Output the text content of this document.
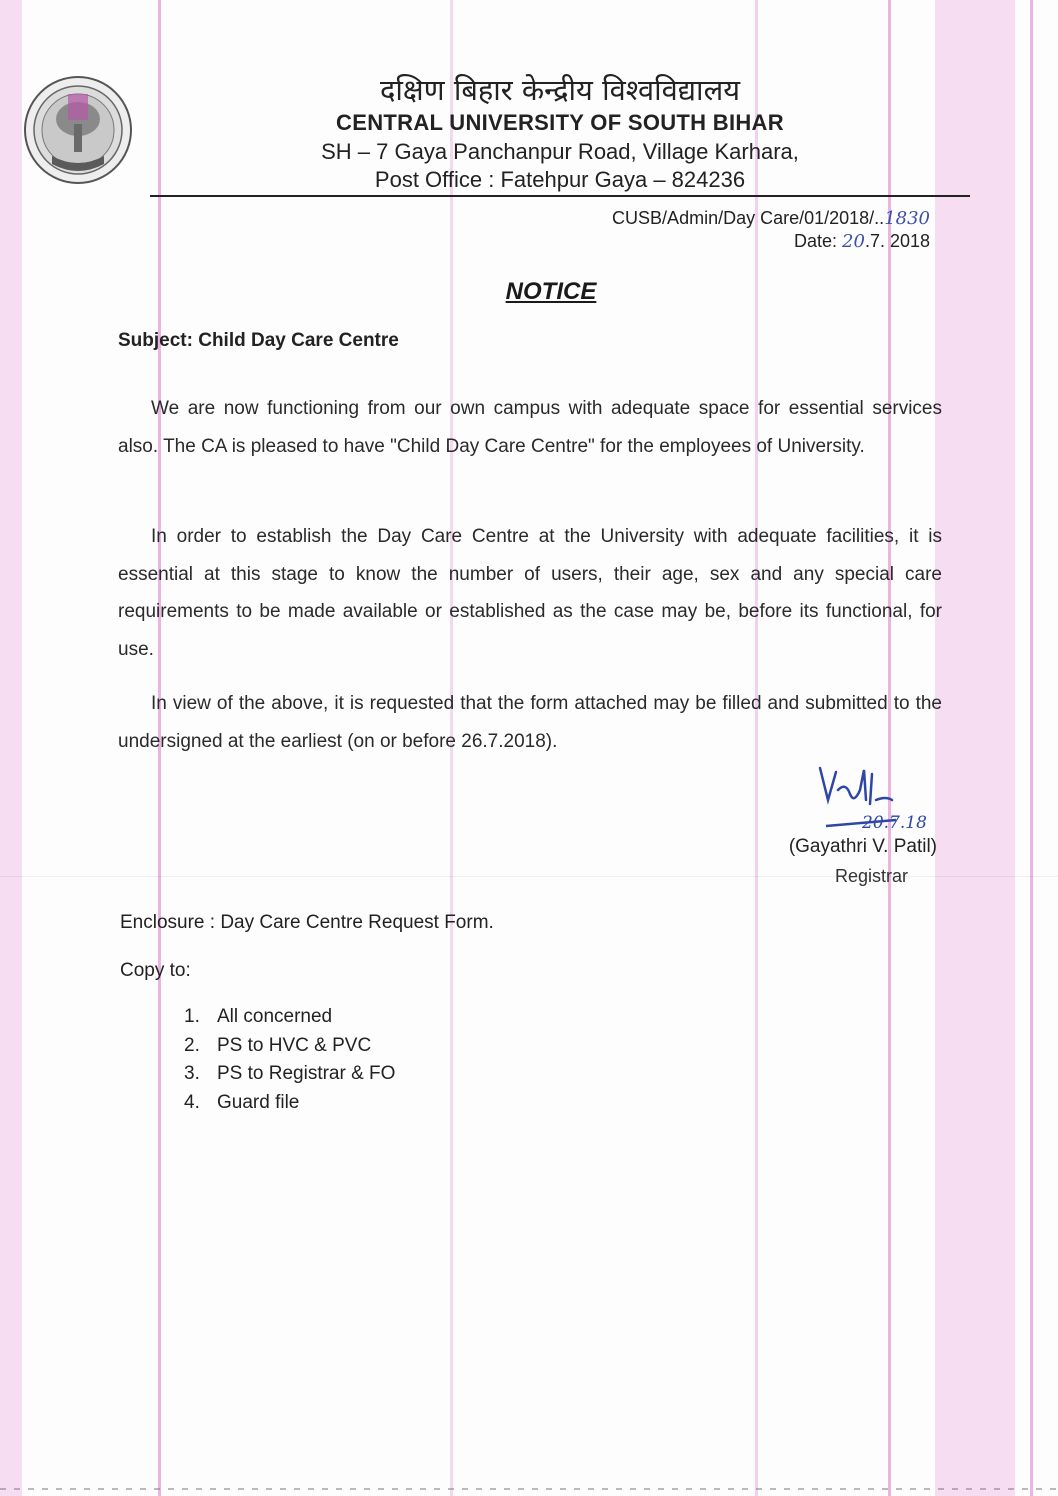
दक्षिण बिहार केन्द्रीय विश्वविद्यालय
CENTRAL UNIVERSITY OF SOUTH BIHAR
SH – 7 Gaya Panchanpur Road, Village Karhara,
Post Office : Fatehpur Gaya – 824236
CUSB/Admin/Day Care/01/2018/..1830
Date: 20.7. 2018
NOTICE
Subject: Child Day Care Centre

We are now functioning from our own campus with adequate space for essential services also. The CA is pleased to have "Child Day Care Centre" for the employees of University.

In order to establish the Day Care Centre at the University with adequate facilities, it is essential at this stage to know the number of users, their age, sex and any special care requirements to be made available or established as the case may be, before its functional, for use.

In view of the above, it is requested that the form attached may be filled and submitted to the undersigned at the earliest (on or before 26.7.2018).

20.7.18
(Gayathri V. Patil)
Registrar
Enclosure : Day Care Centre Request Form.
Copy to:
1. All concerned
2. PS to HVC & PVC
3. PS to Registrar & FO
4. Guard file
